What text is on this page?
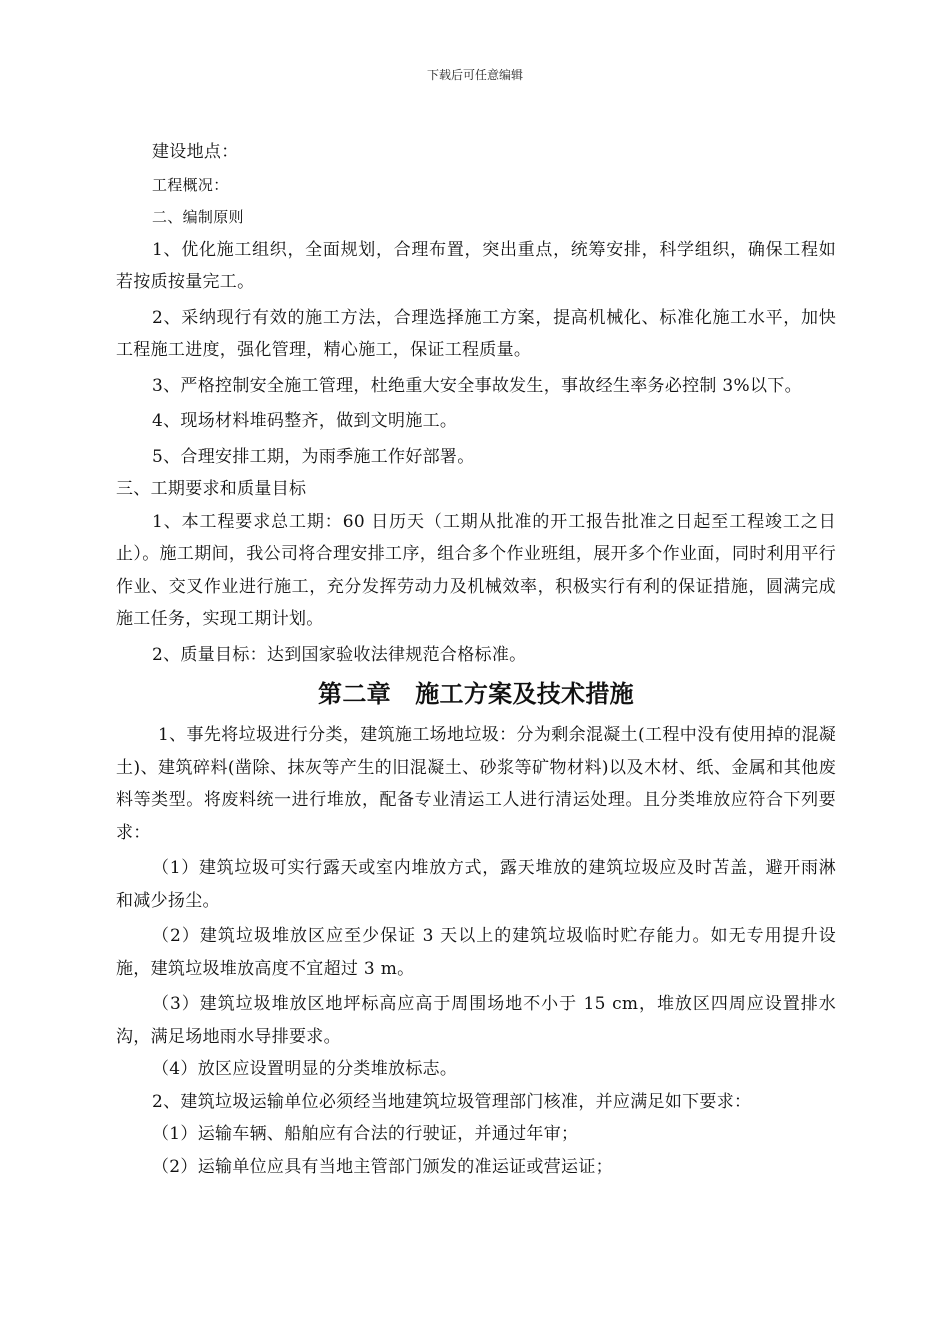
下载后可任意编辑

建设地点：

工程概况：

二、编制原则

1、优化施工组织，全面规划，合理布置，突出重点，统筹安排，科学组织，确保工程如若按质按量完工。

2、采纳现行有效的施工方法，合理选择施工方案，提高机械化、标准化施工水平，加快工程施工进度，强化管理，精心施工，保证工程质量。

3、严格控制安全施工管理，杜绝重大安全事故发生，事故经生率务必控制 3%以下。

4、现场材料堆码整齐，做到文明施工。

5、合理安排工期，为雨季施工作好部署。

三、工期要求和质量目标

1、本工程要求总工期：60 日历天（工期从批准的开工报告批准之日起至工程竣工之日止）。施工期间，我公司将合理安排工序，组合多个作业班组，展开多个作业面，同时利用平行作业、交叉作业进行施工，充分发挥劳动力及机械效率，积极实行有利的保证措施，圆满完成施工任务，实现工期计划。

2、质量目标：达到国家验收法律规范合格标准。

第二章　施工方案及技术措施

1、事先将垃圾进行分类，建筑施工场地垃圾：分为剩余混凝土(工程中没有使用掉的混凝土)、建筑碎料(凿除、抹灰等产生的旧混凝土、砂浆等矿物材料)以及木材、纸、金属和其他废料等类型。将废料统一进行堆放，配备专业清运工人进行清运处理。且分类堆放应符合下列要求：

（1）建筑垃圾可实行露天或室内堆放方式，露天堆放的建筑垃圾应及时苫盖，避开雨淋和减少扬尘。

（2）建筑垃圾堆放区应至少保证 3 天以上的建筑垃圾临时贮存能力。如无专用提升设施，建筑垃圾堆放高度不宜超过 3 m。

（3）建筑垃圾堆放区地坪标高应高于周围场地不小于 15 cm，堆放区四周应设置排水沟，满足场地雨水导排要求。

（4）放区应设置明显的分类堆放标志。

2、建筑垃圾运输单位必须经当地建筑垃圾管理部门核准，并应满足如下要求：

（1）运输车辆、船舶应有合法的行驶证，并通过年审；

（2）运输单位应具有当地主管部门颁发的准运证或营运证；
